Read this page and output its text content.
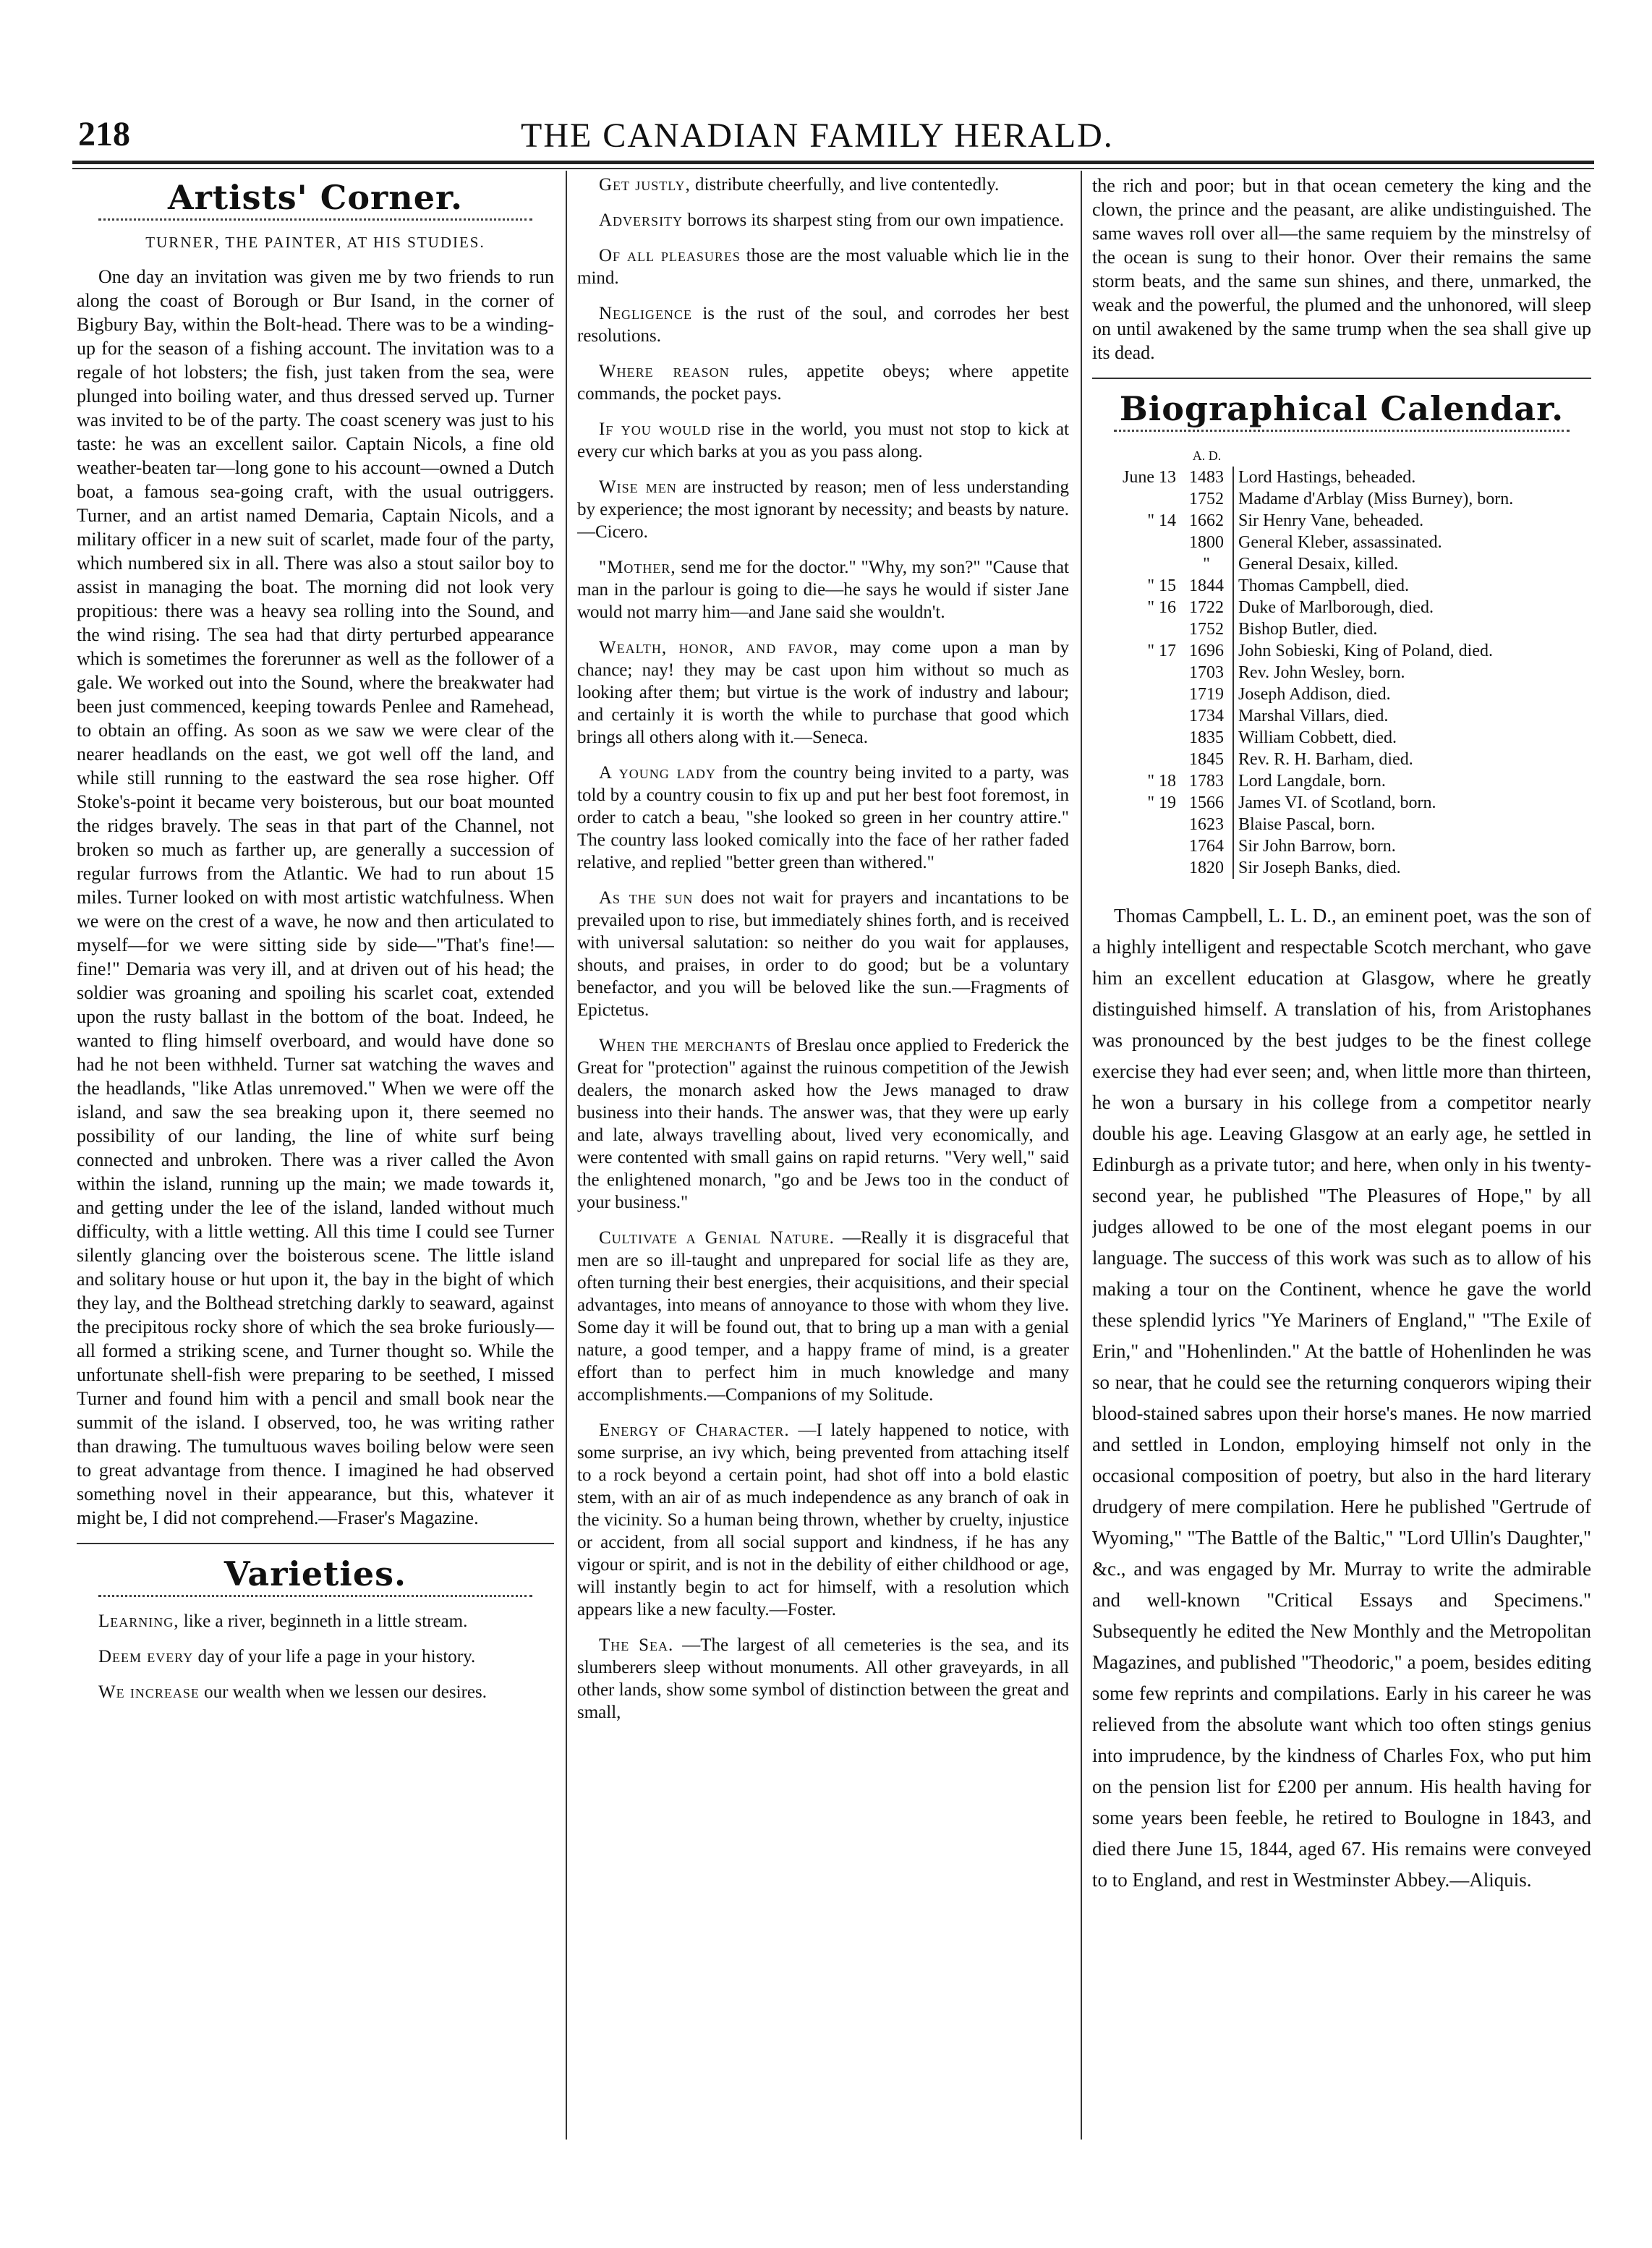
218	THE CANADIAN FAMILY HERALD.
Artists' Corner.
TURNER, THE PAINTER, AT HIS STUDIES.

One day an invitation was given me by two friends to run along the coast of Borough or Bur Isand, in the corner of Bigbury Bay, within the Bolt-head. There was to be a winding-up for the season of a fishing account. The invitation was to a regale of hot lobsters; the fish, just taken from the sea, were plunged into boiling water, and thus dressed served up. Turner was invited to be of the party. The coast scenery was just to his taste: he was an excellent sailor. Captain Nicols, a fine old weather-beaten tar—long gone to his account—owned a Dutch boat, a famous sea-going craft, with the usual outriggers. Turner, and an artist named Demaria, Captain Nicols, and a military officer in a new suit of scarlet, made four of the party, which numbered six in all. There was also a stout sailor boy to assist in managing the boat. The morning did not look very propitious: there was a heavy sea rolling into the Sound, and the wind rising. The sea had that dirty perturbed appearance which is sometimes the forerunner as well as the follower of a gale. We worked out into the Sound, where the breakwater had been just commenced, keeping towards Penlee and Ramehead, to obtain an offing. As soon as we saw we were clear of the nearer headlands on the east, we got well off the land, and while still running to the eastward the sea rose higher. Off Stoke's-point it became very boisterous, but our boat mounted the ridges bravely. The seas in that part of the Channel, not broken so much as farther up, are generally a succession of regular furrows from the Atlantic. We had to run about 15 miles. Turner looked on with most artistic watchfulness. When we were on the crest of a wave, he now and then articulated to myself—for we were sitting side by side—"That's fine!—fine!" Demaria was very ill, and at driven out of his head; the soldier was groaning and spoiling his scarlet coat, extended upon the rusty ballast in the bottom of the boat. Indeed, he wanted to fling himself overboard, and would have done so had he not been withheld. Turner sat watching the waves and the headlands, "like Atlas unremoved." When we were off the island, and saw the sea breaking upon it, there seemed no possibility of our landing, the line of white surf being connected and unbroken. There was a river called the Avon within the island, running up the main; we made towards it, and getting under the lee of the island, landed without much difficulty, with a little wetting. All this time I could see Turner silently glancing over the boisterous scene. The little island and solitary house or hut upon it, the bay in the bight of which they lay, and the Bolthead stretching darkly to seaward, against the precipitous rocky shore of which the sea broke furiously—all formed a striking scene, and Turner thought so. While the unfortunate shell-fish were preparing to be seethed, I missed Turner and found him with a pencil and small book near the summit of the island. I observed, too, he was writing rather than drawing. The tumultuous waves boiling below were seen to great advantage from thence. I imagined he had observed something novel in their appearance, but this, whatever it might be, I did not comprehend.—Fraser's Magazine.

Varieties.

Learning, like a river, beginneth in a little stream.

Deem every day of your life a page in your history.

We increase our wealth when we lessen our desires.

Get justly, distribute cheerfully, and live contentedly.

Adversity borrows its sharpest sting from our own impatience.

Of all pleasures those are the most valuable which lie in the mind.

Negligence is the rust of the soul, and corrodes her best resolutions.

Where reason rules, appetite obeys; where appetite commands, the pocket pays.

If you would rise in the world, you must not stop to kick at every cur which barks at you as you pass along.

Wise men are instructed by reason; men of less understanding by experience; the most ignorant by necessity; and beasts by nature.—Cicero.

"Mother, send me for the doctor." "Why, my son?" "Cause that man in the parlour is going to die—he says he would if sister Jane would not marry him—and Jane said she wouldn't.

Wealth, honor, and favor, may come upon a man by chance; nay! they may be cast upon him without so much as looking after them; but virtue is the work of industry and labour; and certainly it is worth the while to purchase that good which brings all others along with it.—Seneca.

A young lady from the country being invited to a party, was told by a country cousin to fix up and put her best foot foremost, in order to catch a beau, "she looked so green in her country attire." The country lass looked comically into the face of her rather faded relative, and replied "better green than withered."

As the sun does not wait for prayers and incantations to be prevailed upon to rise, but immediately shines forth, and is received with universal salutation: so neither do you wait for applauses, shouts, and praises, in order to do good; but be a voluntary benefactor, and you will be beloved like the sun.—Fragments of Epictetus.

When the merchants of Breslau once applied to Frederick the Great for "protection" against the ruinous competition of the Jewish dealers, the monarch asked how the Jews managed to draw business into their hands. The answer was, that they were up early and late, always travelling about, lived very economically, and were contented with small gains on rapid returns. "Very well," said the enlightened monarch, "go and be Jews too in the conduct of your business."

Cultivate a Genial Nature. —Really it is disgraceful that men are so ill-taught and unprepared for social life as they are, often turning their best energies, their acquisitions, and their special advantages, into means of annoyance to those with whom they live. Some day it will be found out, that to bring up a man with a genial nature, a good temper, and a happy frame of mind, is a greater effort than to perfect him in much knowledge and many accomplishments.—Companions of my Solitude.

Energy of Character. —I lately happened to notice, with some surprise, an ivy which, being prevented from attaching itself to a rock beyond a certain point, had shot off into a bold elastic stem, with an air of as much independence as any branch of oak in the vicinity. So a human being thrown, whether by cruelty, injustice or accident, from all social support and kindness, if he has any vigour or spirit, and is not in the debility of either childhood or age, will instantly begin to act for himself, with a resolution which appears like a new faculty.—Foster.

The Sea. —The largest of all cemeteries is the sea, and its slumberers sleep without monuments. All other graveyards, in all other lands, show some symbol of distinction between the great and small,

the rich and poor; but in that ocean cemetery the king and the clown, the prince and the peasant, are alike undistinguished. The same waves roll over all—the same requiem by the minstrelsy of the ocean is sung to their honor. Over their remains the same storm beats, and the same sun shines, and there, unmarked, the weak and the powerful, the plumed and the unhonored, will sleep on until awakened by the same trump when the sea shall give up its dead.

Biographical Calendar.
	A. D.	
June 13	1483	Lord Hastings, beheaded.
	1752	Madame d'Arblay (Miss Burney), born.
" 14	1662	Sir Henry Vane, beheaded.
	1800	General Kleber, assassinated.
	"	General Desaix, killed.
" 15	1844	Thomas Campbell, died.
" 16	1722	Duke of Marlborough, died.
	1752	Bishop Butler, died.
" 17	1696	John Sobieski, King of Poland, died.
	1703	Rev. John Wesley, born.
	1719	Joseph Addison, died.
	1734	Marshal Villars, died.
	1835	William Cobbett, died.
	1845	Rev. R. H. Barham, died.
" 18	1783	Lord Langdale, born.
" 19	1566	James VI. of Scotland, born.
	1623	Blaise Pascal, born.
	1764	Sir John Barrow, born.
	1820	Sir Joseph Banks, died.

Thomas Campbell, L. L. D., an eminent poet, was the son of a highly intelligent and respectable Scotch merchant, who gave him an excellent education at Glasgow, where he greatly distinguished himself. A translation of his, from Aristophanes was pronounced by the best judges to be the finest college exercise they had ever seen; and, when little more than thirteen, he won a bursary in his college from a competitor nearly double his age. Leaving Glasgow at an early age, he settled in Edinburgh as a private tutor; and here, when only in his twenty-second year, he published "The Pleasures of Hope," by all judges allowed to be one of the most elegant poems in our language. The success of this work was such as to allow of his making a tour on the Continent, whence he gave the world these splendid lyrics "Ye Mariners of England," "The Exile of Erin," and "Hohenlinden." At the battle of Hohenlinden he was so near, that he could see the returning conquerors wiping their blood-stained sabres upon their horse's manes. He now married and settled in London, employing himself not only in the occasional composition of poetry, but also in the hard literary drudgery of mere compilation. Here he published "Gertrude of Wyoming," "The Battle of the Baltic," "Lord Ullin's Daughter," &c., and was engaged by Mr. Murray to write the admirable and well-known "Critical Essays and Specimens." Subsequently he edited the New Monthly and the Metropolitan Magazines, and published "Theodoric," a poem, besides editing some few reprints and compilations. Early in his career he was relieved from the absolute want which too often stings genius into imprudence, by the kindness of Charles Fox, who put him on the pension list for £200 per annum. His health having for some years been feeble, he retired to Boulogne in 1843, and died there June 15, 1844, aged 67. His remains were conveyed to to England, and rest in Westminster Abbey.—Aliquis.
